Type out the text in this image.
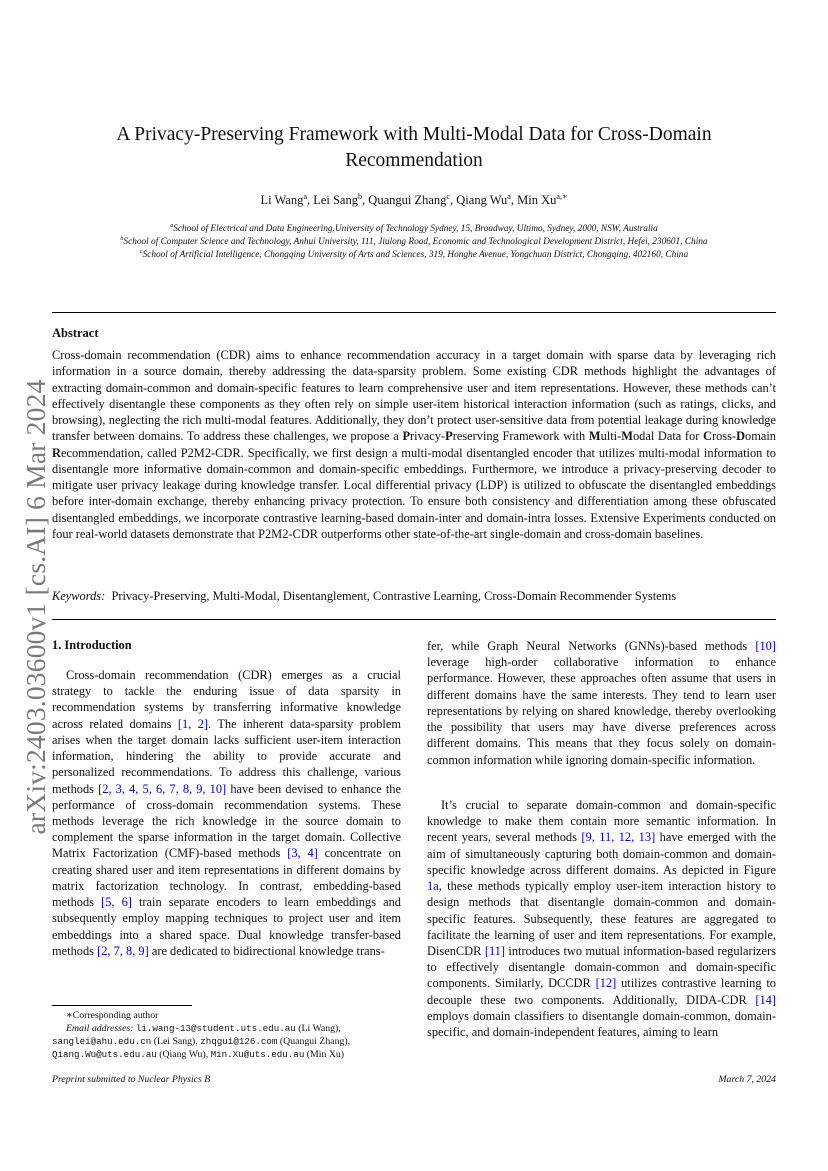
arXiv:2403.03600v1 [cs.AI] 6 Mar 2024
A Privacy-Preserving Framework with Multi-Modal Data for Cross-Domain
Recommendation
Li Wang$^a$, Lei Sang$^b$, Quangui Zhang$^c$, Qiang Wu$^a$, Min $Xu^{a,∗}$
$^a$School of Electrical and Data Engineering,University of Technology Sydney, 15, Broadway, Ultimo, Sydney, 2000, NSW, Australia
$^b$School of Computer Science and Technology, Anhui University, 111, Jiulong Road, Economic and Technological Development District, Hefei, 230601, China
$^c$School of Artificial Intelligence, Chongqing University of Arts and Sciences, 319, Honghe Avenue, Yongchuan District, Chongqing, 402160, China
Abstract
Cross-domain recommendation (CDR) aims to enhance recommendation accuracy in a target domain with sparse data by leveraging rich information in a source domain, thereby addressing the data-sparsity problem. Some existing CDR methods highlight the advantages of extracting domain-common and domain-specific features to learn comprehensive user and item representations. However, these methods can’t effectively disentangle these components as they often rely on simple user-item historical interaction information (such as ratings, clicks, and browsing), neglecting the rich multi-modal features. Additionally, they don’t protect user-sensitive data from potential leakage during knowledge transfer between domains. To address these challenges, we propose a Privacy-Preserving Framework with Multi-Modal Data for Cross-Domain Recommendation, called P2M2-CDR. Specifically, we first design a multi-modal disentangled encoder that utilizes multi-modal information to disentangle more informative domain-common and domain-specific embeddings. Furthermore, we introduce a privacy-preserving decoder to mitigate user privacy leakage during knowledge transfer. Local differential privacy (LDP) is utilized to obfuscate the disentangled embeddings before inter-domain exchange, thereby enhancing privacy protection. To ensure both consistency and differentiation among these obfuscated disentangled embeddings, we incorporate contrastive learning-based domain-inter and domain-intra losses. Extensive Experiments conducted on four real-world datasets demonstrate that P2M2-CDR outperforms other state-of-the-art single-domain and cross-domain baselines.
Keywords: Privacy-Preserving, Multi-Modal, Disentanglement, Contrastive Learning, Cross-Domain Recommender Systems
1. Introduction
Cross-domain recommendation (CDR) emerges as a crucial strategy to tackle the enduring issue of data sparsity in recommendation systems by transferring informative knowledge across related domains [1, 2]. The inherent data-sparsity problem arises when the target domain lacks sufficient user-item interaction information, hindering the ability to provide accurate and personalized recommendations. To address this challenge, various methods [2, 3, 4, 5, 6, 7, 8, 9, 10] have been devised to enhance the performance of cross-domain recommendation systems. These methods leverage the rich knowledge in the source domain to complement the sparse information in the target domain. Collective Matrix Factorization (CMF)-based methods [3, 4] concentrate on creating shared user and item representations in different domains by matrix factorization technology. In contrast, embedding-based methods [5, 6] train separate encoders to learn embeddings and subsequently employ mapping techniques to project user and item embeddings into a shared space. Dual knowledge transfer-based methods [2, 7, 8, 9] are dedicated to bidirectional knowledge trans-
fer, while Graph Neural Networks (GNNs)-based methods [10] leverage high-order collaborative information to enhance performance. However, these approaches often assume that users in different domains have the same interests. They tend to learn user representations by relying on shared knowledge, thereby overlooking the possibility that users may have diverse preferences across different domains. This means that they focus solely on domain-common information while ignoring domain-specific information.
It’s crucial to separate domain-common and domain-specific knowledge to make them contain more semantic information. In recent years, several methods [9, 11, 12, 13] have emerged with the aim of simultaneously capturing both domain-common and domain-specific knowledge across different domains. As depicted in Figure 1a, these methods typically employ user-item interaction history to design methods that disentangle domain-common and domain-specific features. Subsequently, these features are aggregated to facilitate the learning of user and item representations. For example, DisenCDR [11] introduces two mutual information-based regularizers to effectively disentangle domain-common and domain-specific components. Similarly, DCCDR [12] utilizes contrastive learning to decouple these two components. Additionally, DIDA-CDR [14] employs domain classifiers to disentangle domain-common, domain-specific, and domain-independent features, aiming to learn
∗Corresponding author
Email addresses: li.wang-13@student.uts.edu.au (Li Wang), sanglei@ahu.edu.cn (Lei Sang), zhqgui@126.com (Quangui Zhang), Qiang.Wu@uts.edu.au (Qiang Wu), Min.Xu@uts.edu.au (Min Xu)
Preprint submitted to Nuclear Physics B	March 7, 2024
